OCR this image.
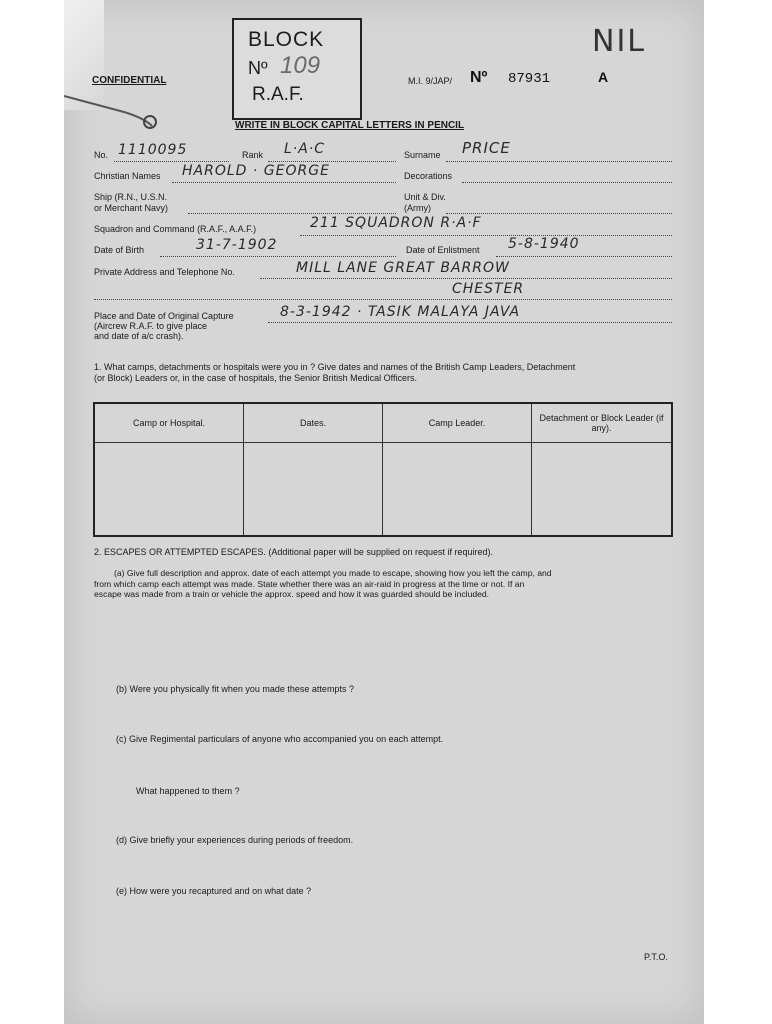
CONFIDENTIAL
BLOCK
Nº 109
R.A.F.
NIL
M.I. 9/JAP/ Nº 87931	A
WRITE IN BLOCK CAPITAL LETTERS IN PENCIL
No. 1110095	Rank L·A·C	Surname PRICE
Christian Names HAROLD · GEORGE	Decorations
Ship (R.N., U.S.N.
or Merchant Navy)
Unit & Div.
(Army)
Squadron and Command (R.A.F., A.A.F.)	211 SQUADRON R·A·F
Date of Birth	31-7-1902	Date of Enlistment 5-8-1940
Private Address and Telephone No.	MILL LANE GREAT BARROW
CHESTER
Place and Date of Original Capture
(Aircrew R.A.F. to give place
and date of a/c crash).
8-3-1942 · TASIK MALAYA JAVA
1. What camps, detachments or hospitals were you in ? Give dates and names of the British Camp Leaders, Detachment
(or Block) Leaders or, in the case of hospitals, the Senior British Medical Officers.
Camp or Hospital.	Dates.	Camp Leader.	Detachment or Block Leader (if any).

2. ESCAPES OR ATTEMPTED ESCAPES. (Additional paper will be supplied on request if required).
(a) Give full description and approx. date of each attempt you made to escape, showing how you left the camp, and
from which camp each attempt was made. State whether there was an air-raid in progress at the time or not. If an
escape was made from a train or vehicle the approx. speed and how it was guarded should be included.
(b) Were you physically fit when you made these attempts ?
(c) Give Regimental particulars of anyone who accompanied you on each attempt.
What happened to them ?
(d) Give briefly your experiences during periods of freedom.
(e) How were you recaptured and on what date ?
P.T.O.
